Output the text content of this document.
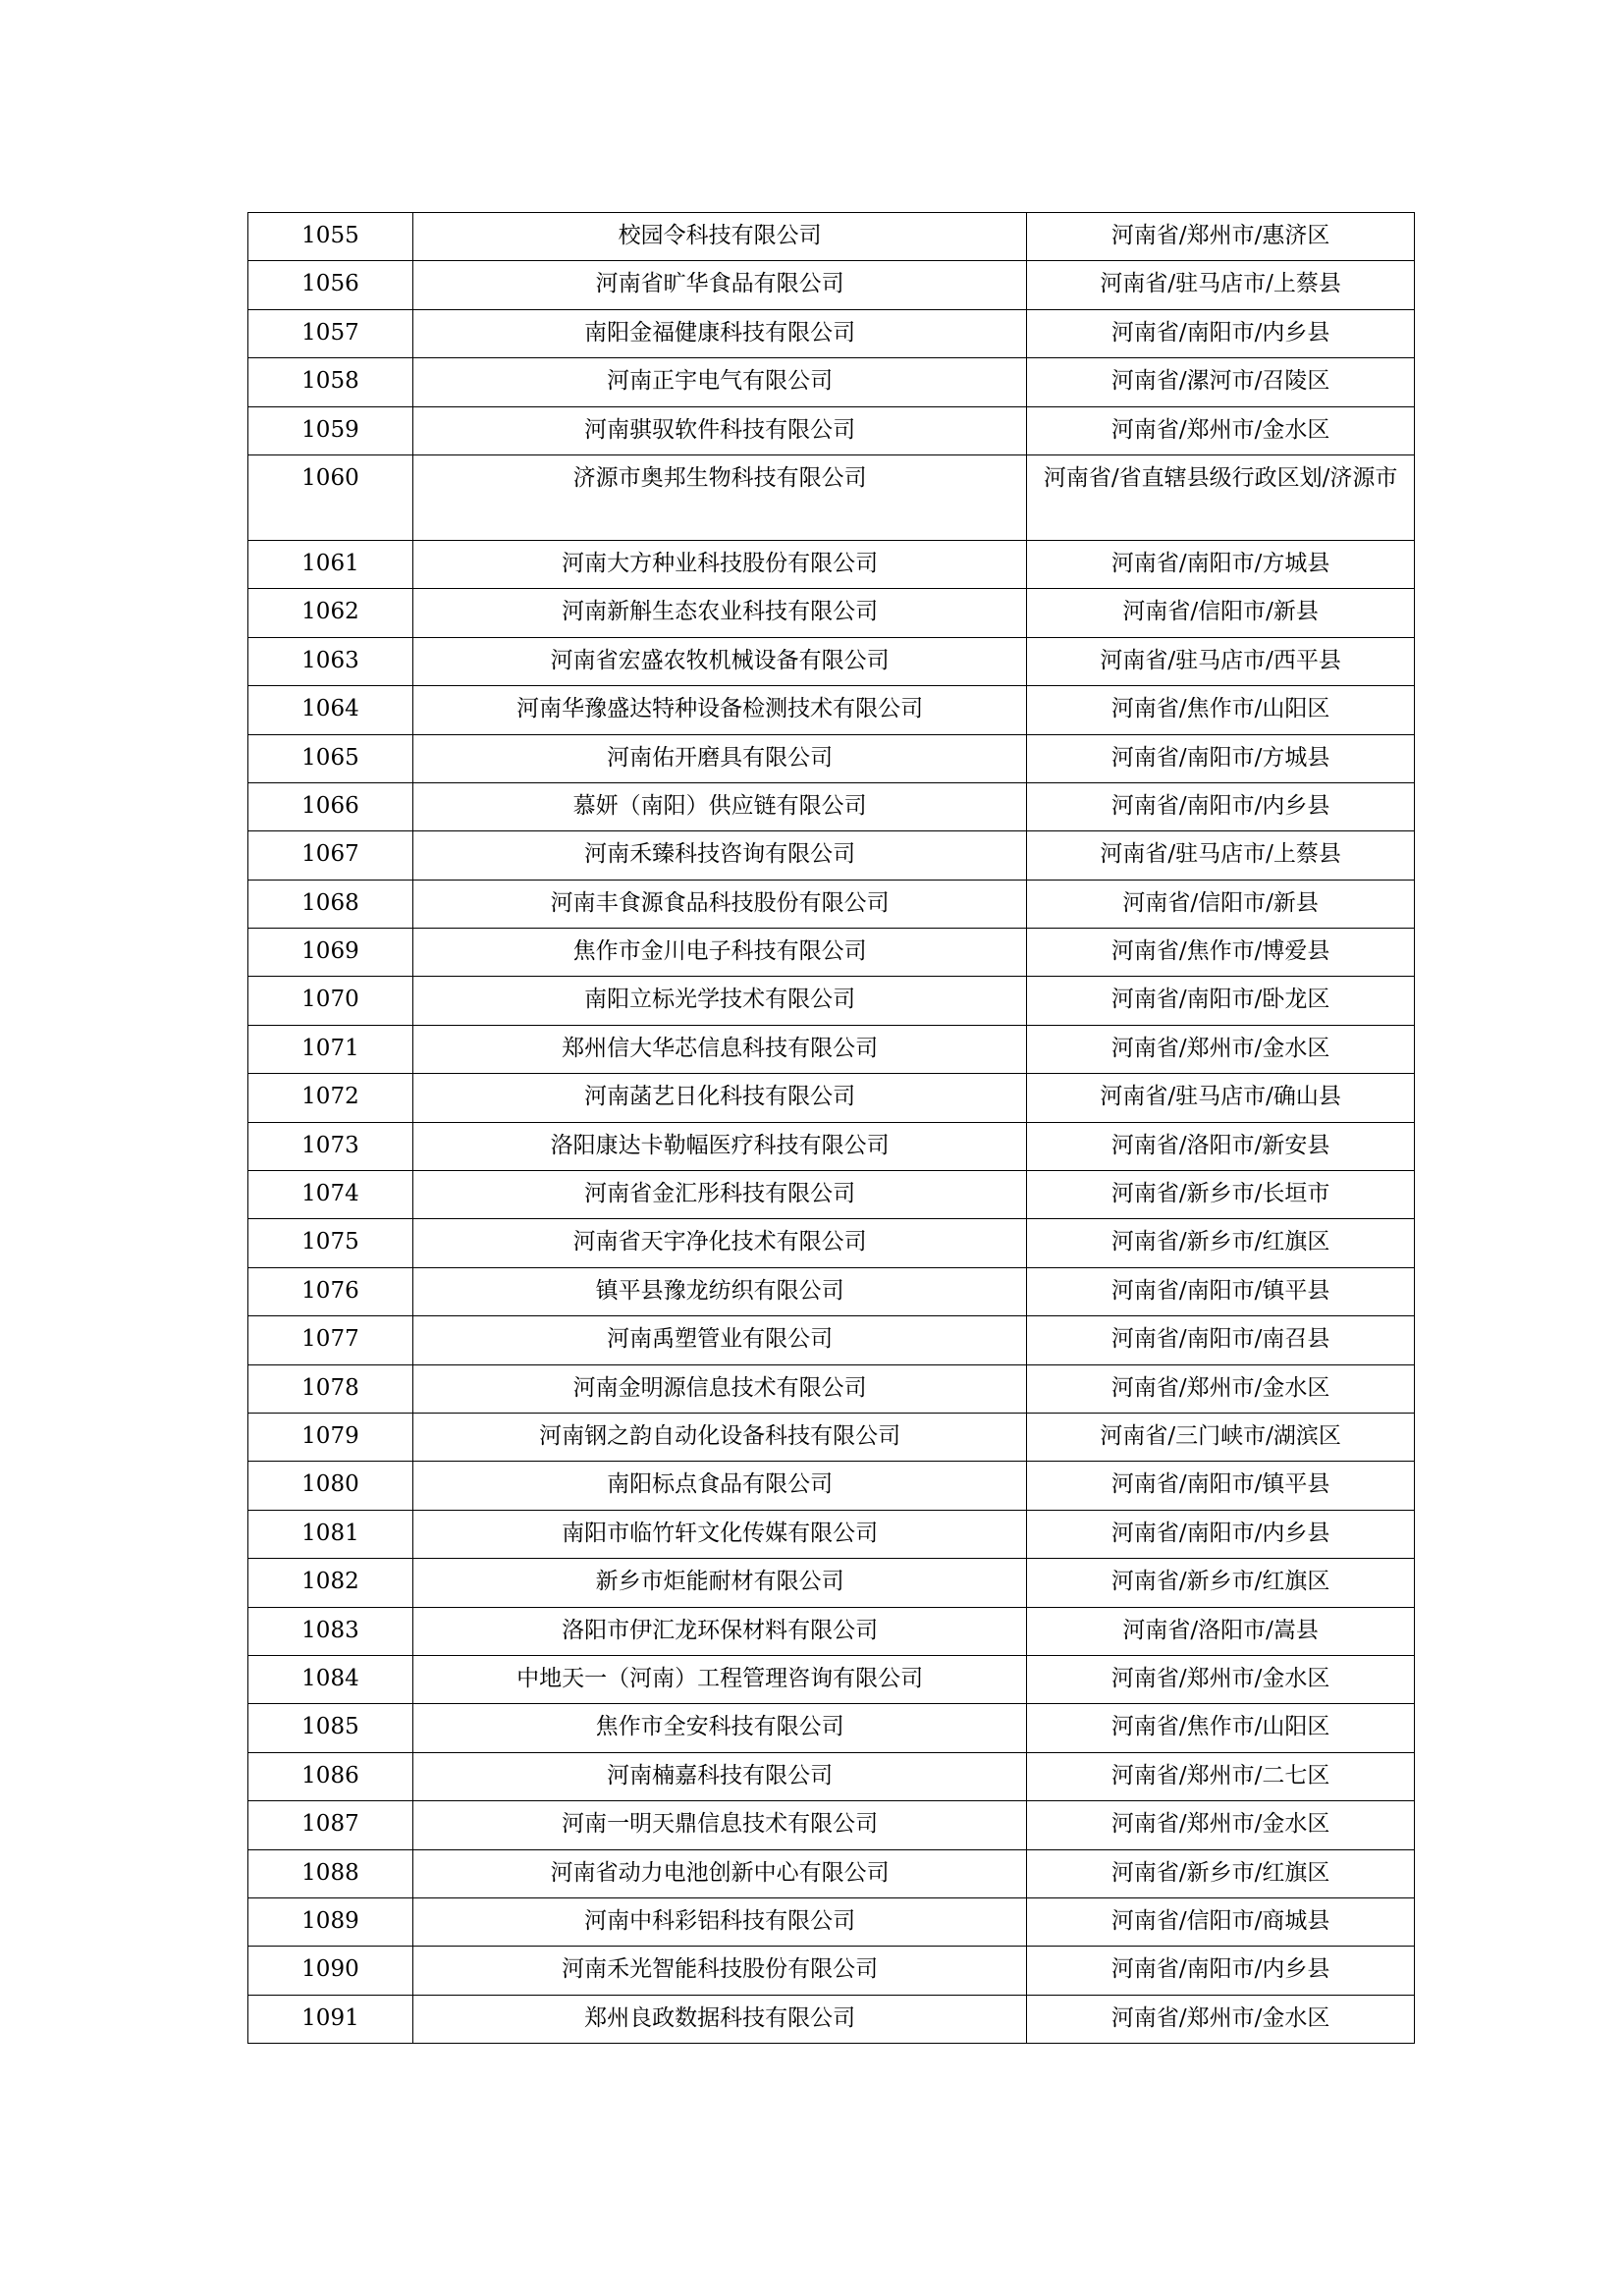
1055	校园令科技有限公司	河南省/郑州市/惠济区
1056	河南省旷华食品有限公司	河南省/驻马店市/上蔡县
1057	南阳金福健康科技有限公司	河南省/南阳市/内乡县
1058	河南正宇电气有限公司	河南省/漯河市/召陵区
1059	河南骐驭软件科技有限公司	河南省/郑州市/金水区
1060	济源市奥邦生物科技有限公司	河南省/省直辖县级行政区划/济源市
1061	河南大方种业科技股份有限公司	河南省/南阳市/方城县
1062	河南新斛生态农业科技有限公司	河南省/信阳市/新县
1063	河南省宏盛农牧机械设备有限公司	河南省/驻马店市/西平县
1064	河南华豫盛达特种设备检测技术有限公司	河南省/焦作市/山阳区
1065	河南佑开磨具有限公司	河南省/南阳市/方城县
1066	慕妍（南阳）供应链有限公司	河南省/南阳市/内乡县
1067	河南禾臻科技咨询有限公司	河南省/驻马店市/上蔡县
1068	河南丰食源食品科技股份有限公司	河南省/信阳市/新县
1069	焦作市金川电子科技有限公司	河南省/焦作市/博爱县
1070	南阳立标光学技术有限公司	河南省/南阳市/卧龙区
1071	郑州信大华芯信息科技有限公司	河南省/郑州市/金水区
1072	河南菡艺日化科技有限公司	河南省/驻马店市/确山县
1073	洛阳康达卡勒幅医疗科技有限公司	河南省/洛阳市/新安县
1074	河南省金汇彤科技有限公司	河南省/新乡市/长垣市
1075	河南省天宇净化技术有限公司	河南省/新乡市/红旗区
1076	镇平县豫龙纺织有限公司	河南省/南阳市/镇平县
1077	河南禹塑管业有限公司	河南省/南阳市/南召县
1078	河南金明源信息技术有限公司	河南省/郑州市/金水区
1079	河南钢之韵自动化设备科技有限公司	河南省/三门峡市/湖滨区
1080	南阳标点食品有限公司	河南省/南阳市/镇平县
1081	南阳市临竹轩文化传媒有限公司	河南省/南阳市/内乡县
1082	新乡市炬能耐材有限公司	河南省/新乡市/红旗区
1083	洛阳市伊汇龙环保材料有限公司	河南省/洛阳市/嵩县
1084	中地天一（河南）工程管理咨询有限公司	河南省/郑州市/金水区
1085	焦作市全安科技有限公司	河南省/焦作市/山阳区
1086	河南楠嘉科技有限公司	河南省/郑州市/二七区
1087	河南一明天鼎信息技术有限公司	河南省/郑州市/金水区
1088	河南省动力电池创新中心有限公司	河南省/新乡市/红旗区
1089	河南中科彩铝科技有限公司	河南省/信阳市/商城县
1090	河南禾光智能科技股份有限公司	河南省/南阳市/内乡县
1091	郑州良政数据科技有限公司	河南省/郑州市/金水区
